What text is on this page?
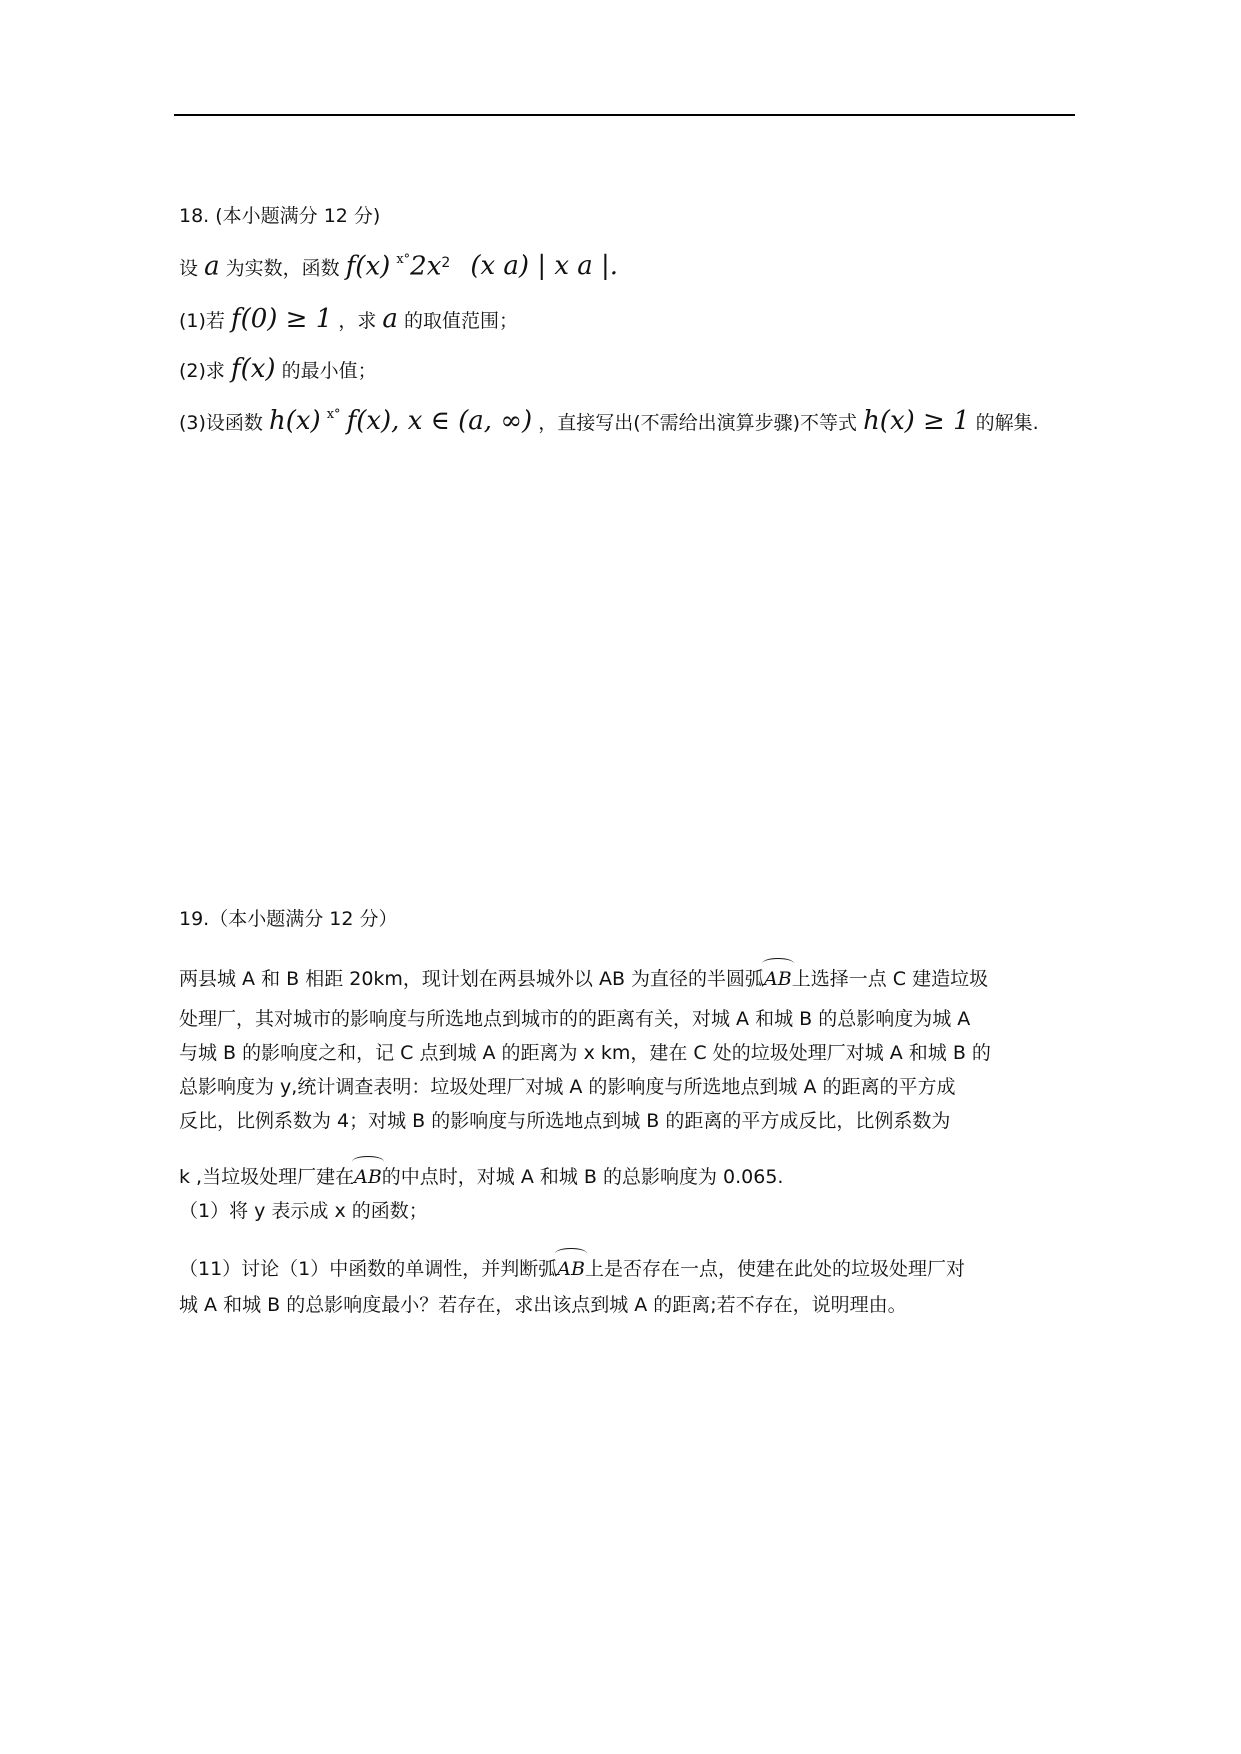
18. (本小题满分 12 分)
设 a 为实数，函数 f(x) $^{x^\circ}2x^2$ (x a) | x a |.
(1)若 f(0) ≥ 1 ，求 a 的取值范围；
(2)求 f(x) 的最小值；
(3)设函数 h(x) $^{x^\circ}$ f(x), x ∈ (a, ∞) ，直接写出(不需给出演算步骤)不等式 h(x) ≥ 1 的解集.
19.（本小题满分 12 分）
两县城 A 和 B 相距 20km，现计划在两县城外以 AB 为直径的半圆弧AB上选择一点 C 建造垃圾
处理厂，其对城市的影响度与所选地点到城市的的距离有关，对城 A 和城 B 的总影响度为城 A
与城 B 的影响度之和，记 C 点到城 A 的距离为 x km，建在 C 处的垃圾处理厂对城 A 和城 B 的
总影响度为 y,统计调查表明：垃圾处理厂对城 A 的影响度与所选地点到城 A 的距离的平方成
反比，比例系数为 4；对城 B 的影响度与所选地点到城 B 的距离的平方成反比，比例系数为
k ,当垃圾处理厂建在AB的中点时，对城 A 和城 B 的总影响度为 0.065.
（1）将 y 表示成 x 的函数；
（11）讨论（1）中函数的单调性，并判断弧AB上是否存在一点，使建在此处的垃圾处理厂对
城 A 和城 B 的总影响度最小？若存在，求出该点到城 A 的距离;若不存在，说明理由。
